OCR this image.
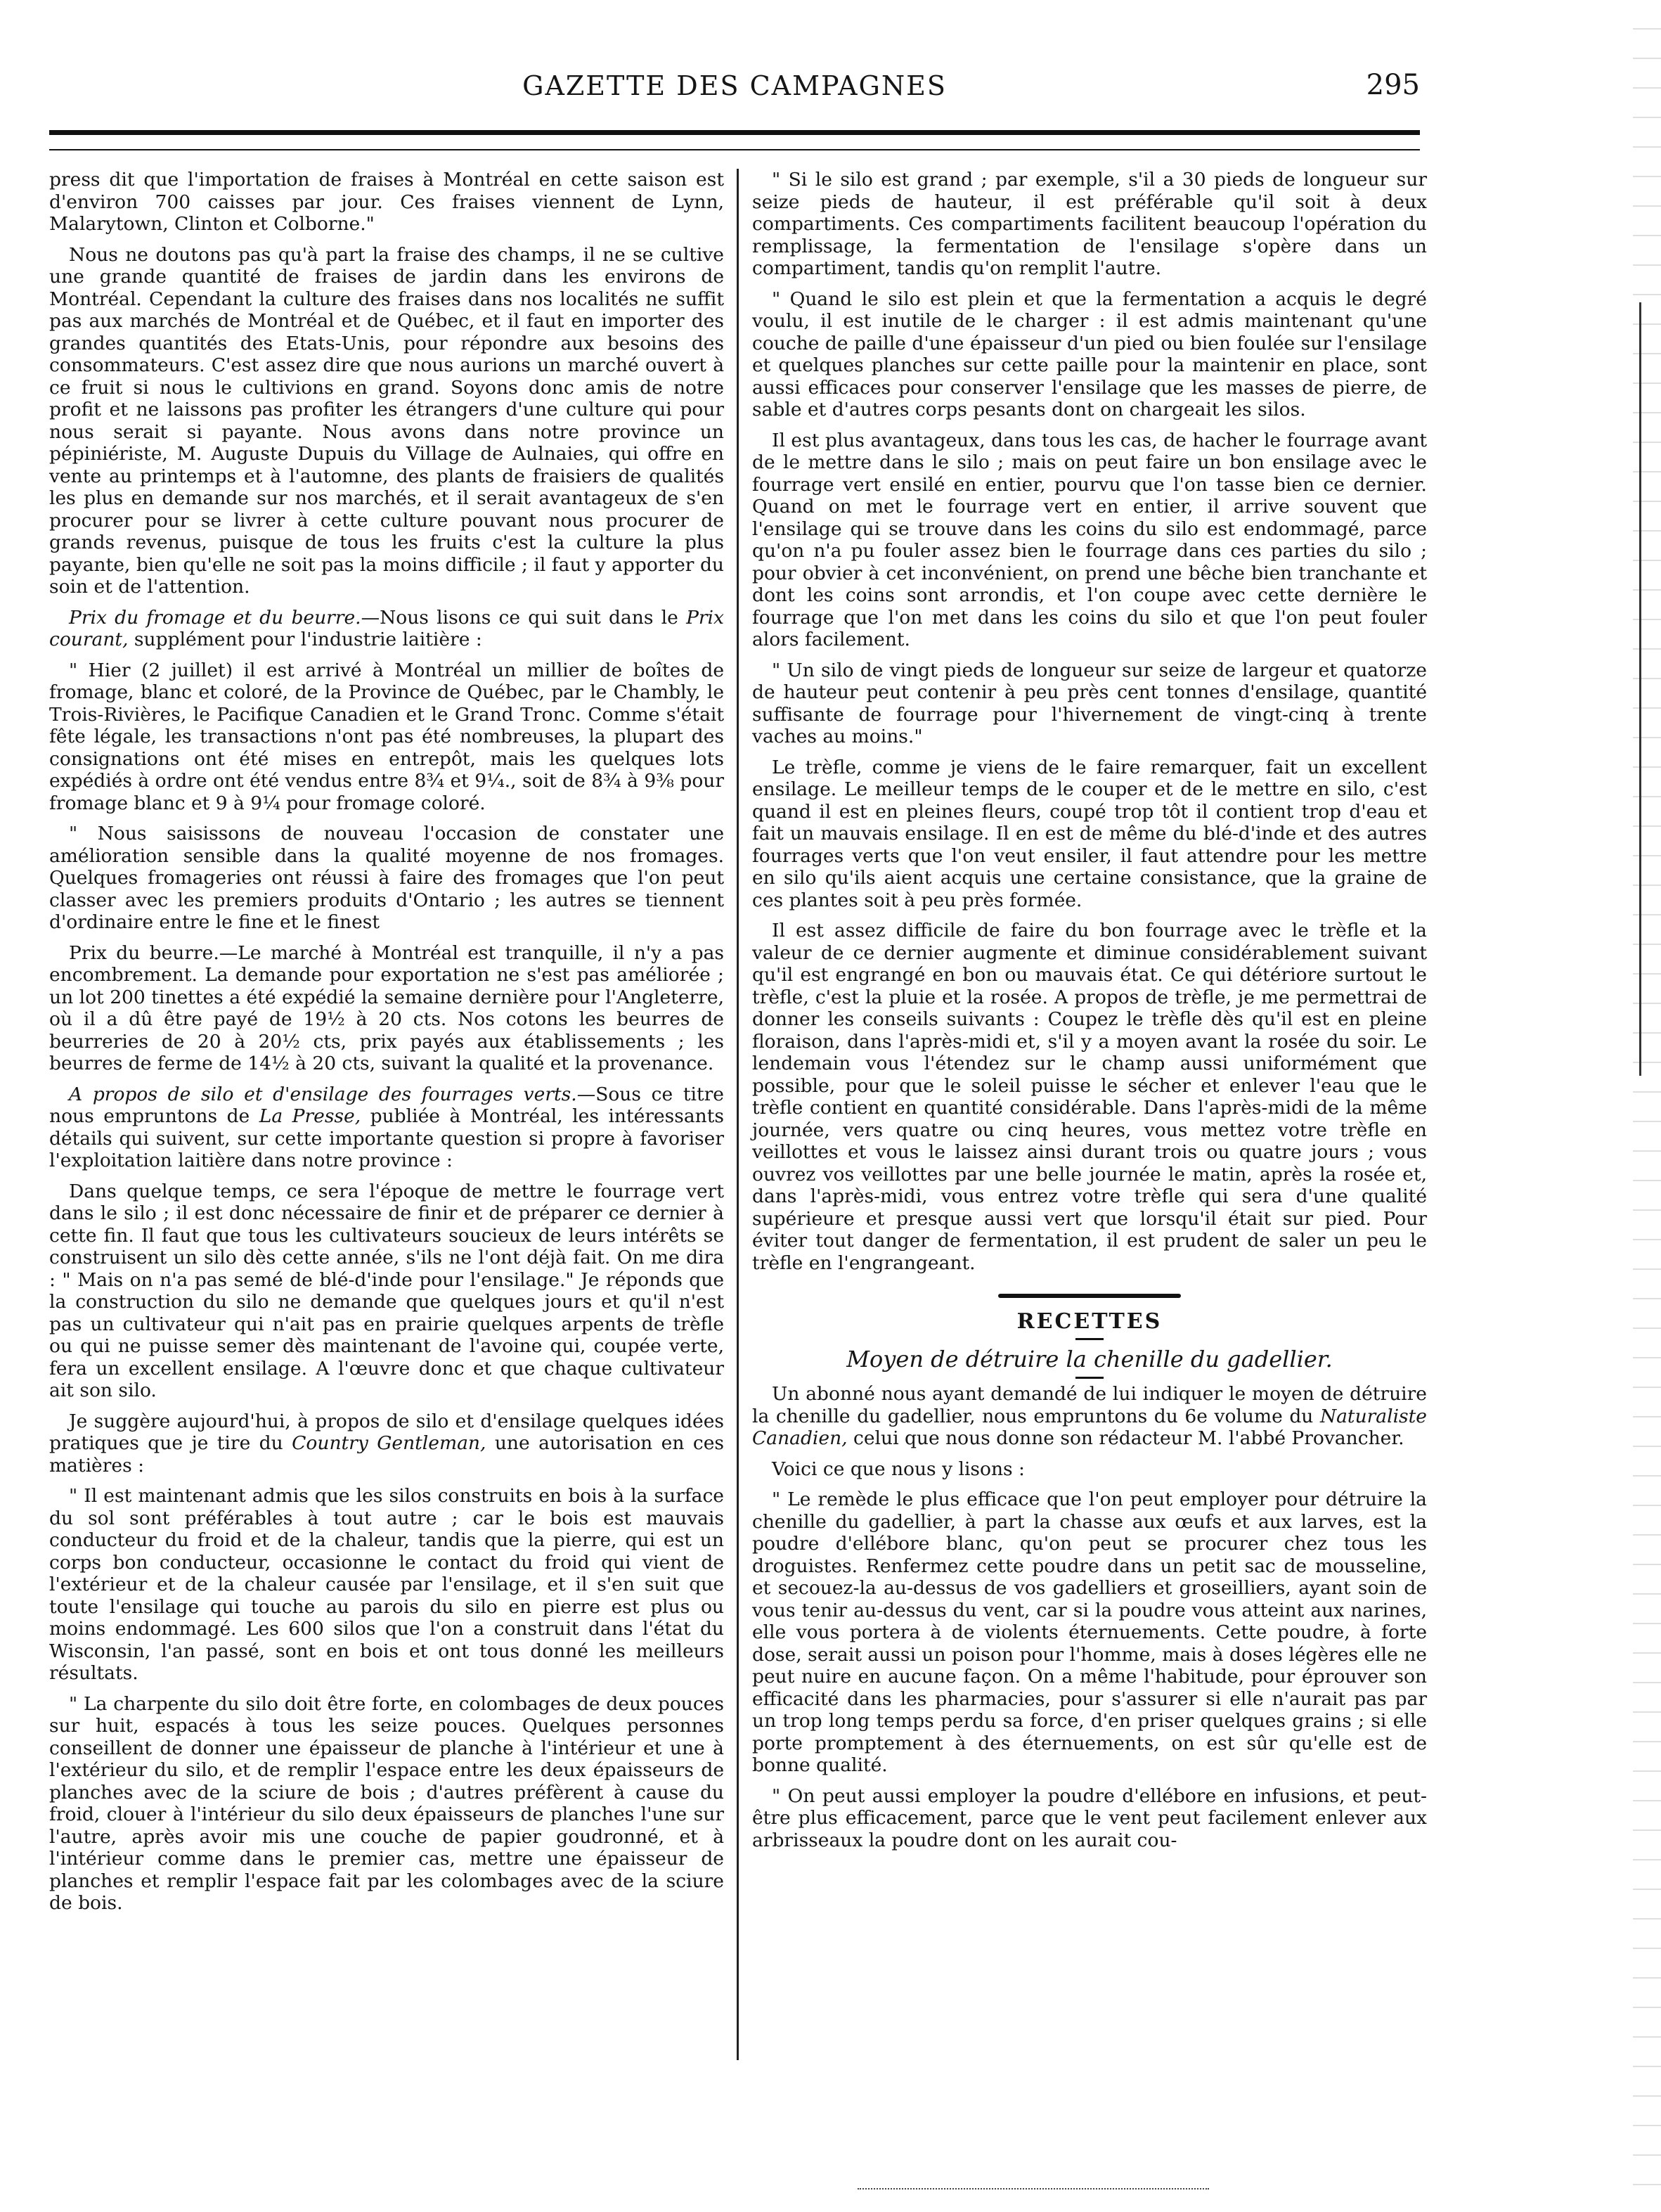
GAZETTE DES CAMPAGNES	295

press dit que l'importation de fraises à Montréal en cette saison est d'environ 700 caisses par jour. Ces fraises viennent de Lynn, Malarytown, Clinton et Colborne."

Nous ne doutons pas qu'à part la fraise des champs, il ne se cultive une grande quantité de fraises de jardin dans les environs de Montréal. Cependant la culture des fraises dans nos localités ne suffit pas aux marchés de Montréal et de Québec, et il faut en importer des grandes quantités des Etats-Unis, pour répondre aux besoins des consommateurs. C'est assez dire que nous aurions un marché ouvert à ce fruit si nous le cultivions en grand. Soyons donc amis de notre profit et ne laissons pas profiter les étrangers d'une culture qui pour nous serait si payante. Nous avons dans notre province un pépiniériste, M. Auguste Dupuis du Village de Aulnaies, qui offre en vente au printemps et à l'automne, des plants de fraisiers de qualités les plus en demande sur nos marchés, et il serait avantageux de s'en procurer pour se livrer à cette culture pouvant nous procurer de grands revenus, puisque de tous les fruits c'est la culture la plus payante, bien qu'elle ne soit pas la moins difficile ; il faut y apporter du soin et de l'attention.

Prix du fromage et du beurre.—Nous lisons ce qui suit dans le Prix courant, supplément pour l'industrie laitière :

" Hier (2 juillet) il est arrivé à Montréal un millier de boîtes de fromage, blanc et coloré, de la Province de Québec, par le Chambly, le Trois-Rivières, le Pacifique Canadien et le Grand Tronc. Comme s'était fête légale, les transactions n'ont pas été nombreuses, la plupart des consignations ont été mises en entrepôt, mais les quelques lots expédiés à ordre ont été vendus entre 8¾ et 9¼., soit de 8¾ à 9⅜ pour fromage blanc et 9 à 9¼ pour fromage coloré.

" Nous saisissons de nouveau l'occasion de constater une amélioration sensible dans la qualité moyenne de nos fromages. Quelques fromageries ont réussi à faire des fromages que l'on peut classer avec les premiers produits d'Ontario ; les autres se tiennent d'ordinaire entre le fine et le finest

Prix du beurre.—Le marché à Montréal est tranquille, il n'y a pas encombrement. La demande pour exportation ne s'est pas améliorée ; un lot 200 tinettes a été expédié la semaine dernière pour l'Angleterre, où il a dû être payé de 19½ à 20 cts. Nos cotons les beurres de beurreries de 20 à 20½ cts, prix payés aux établissements ; les beurres de ferme de 14½ à 20 cts, suivant la qualité et la provenance.

A propos de silo et d'ensilage des fourrages verts.—Sous ce titre nous empruntons de La Presse, publiée à Montréal, les intéressants détails qui suivent, sur cette importante question si propre à favoriser l'exploitation laitière dans notre province :

Dans quelque temps, ce sera l'époque de mettre le fourrage vert dans le silo ; il est donc nécessaire de finir et de préparer ce dernier à cette fin. Il faut que tous les cultivateurs soucieux de leurs intérêts se construisent un silo dès cette année, s'ils ne l'ont déjà fait. On me dira : " Mais on n'a pas semé de blé-d'inde pour l'ensilage." Je réponds que la construction du silo ne demande que quelques jours et qu'il n'est pas un cultivateur qui n'ait pas en prairie quelques arpents de trèfle ou qui ne puisse semer dès maintenant de l'avoine qui, coupée verte, fera un excellent ensilage. A l'œuvre donc et que chaque cultivateur ait son silo.

Je suggère aujourd'hui, à propos de silo et d'ensilage quelques idées pratiques que je tire du Country Gentleman, une autorisation en ces matières :

" Il est maintenant admis que les silos construits en bois à la surface du sol sont préférables à tout autre ; car le bois est mauvais conducteur du froid et de la chaleur, tandis que la pierre, qui est un corps bon conducteur, occasionne le contact du froid qui vient de l'extérieur et de la chaleur causée par l'ensilage, et il s'en suit que toute l'ensilage qui touche au parois du silo en pierre est plus ou moins endommagé. Les 600 silos que l'on a construit dans l'état du Wisconsin, l'an passé, sont en bois et ont tous donné les meilleurs résultats.

" La charpente du silo doit être forte, en colombages de deux pouces sur huit, espacés à tous les seize pouces. Quelques personnes conseillent de donner une épaisseur de planche à l'intérieur et une à l'extérieur du silo, et de remplir l'espace entre les deux épaisseurs de planches avec de la sciure de bois ; d'autres préfèrent à cause du froid, clouer à l'intérieur du silo deux épaisseurs de planches l'une sur l'autre, après avoir mis une couche de papier goudronné, et à l'intérieur comme dans le premier cas, mettre une épaisseur de planches et remplir l'espace fait par les colombages avec de la sciure de bois.

" Si le silo est grand ; par exemple, s'il a 30 pieds de longueur sur seize pieds de hauteur, il est préférable qu'il soit à deux compartiments. Ces compartiments facilitent beaucoup l'opération du remplissage, la fermentation de l'ensilage s'opère dans un compartiment, tandis qu'on remplit l'autre.

" Quand le silo est plein et que la fermentation a acquis le degré voulu, il est inutile de le charger : il est admis maintenant qu'une couche de paille d'une épaisseur d'un pied ou bien foulée sur l'ensilage et quelques planches sur cette paille pour la maintenir en place, sont aussi efficaces pour conserver l'ensilage que les masses de pierre, de sable et d'autres corps pesants dont on chargeait les silos.

Il est plus avantageux, dans tous les cas, de hacher le fourrage avant de le mettre dans le silo ; mais on peut faire un bon ensilage avec le fourrage vert ensilé en entier, pourvu que l'on tasse bien ce dernier. Quand on met le fourrage vert en entier, il arrive souvent que l'ensilage qui se trouve dans les coins du silo est endommagé, parce qu'on n'a pu fouler assez bien le fourrage dans ces parties du silo ; pour obvier à cet inconvénient, on prend une bêche bien tranchante et dont les coins sont arrondis, et l'on coupe avec cette dernière le fourrage que l'on met dans les coins du silo et que l'on peut fouler alors facilement.

" Un silo de vingt pieds de longueur sur seize de largeur et quatorze de hauteur peut contenir à peu près cent tonnes d'ensilage, quantité suffisante de fourrage pour l'hivernement de vingt-cinq à trente vaches au moins."

Le trèfle, comme je viens de le faire remarquer, fait un excellent ensilage. Le meilleur temps de le couper et de le mettre en silo, c'est quand il est en pleines fleurs, coupé trop tôt il contient trop d'eau et fait un mauvais ensilage. Il en est de même du blé-d'inde et des autres fourrages verts que l'on veut ensiler, il faut attendre pour les mettre en silo qu'ils aient acquis une certaine consistance, que la graine de ces plantes soit à peu près formée.

Il est assez difficile de faire du bon fourrage avec le trèfle et la valeur de ce dernier augmente et diminue considérablement suivant qu'il est engrangé en bon ou mauvais état. Ce qui détériore surtout le trèfle, c'est la pluie et la rosée. A propos de trèfle, je me permettrai de donner les conseils suivants : Coupez le trèfle dès qu'il est en pleine floraison, dans l'après-midi et, s'il y a moyen avant la rosée du soir. Le lendemain vous l'étendez sur le champ aussi uniformément que possible, pour que le soleil puisse le sécher et enlever l'eau que le trèfle contient en quantité considérable. Dans l'après-midi de la même journée, vers quatre ou cinq heures, vous mettez votre trèfle en veillottes et vous le laissez ainsi durant trois ou quatre jours ; vous ouvrez vos veillottes par une belle journée le matin, après la rosée et, dans l'après-midi, vous entrez votre trèfle qui sera d'une qualité supérieure et presque aussi vert que lorsqu'il était sur pied. Pour éviter tout danger de fermentation, il est prudent de saler un peu le trèfle en l'engrangeant.

RECETTES
Moyen de détruire la chenille du gadellier.

Un abonné nous ayant demandé de lui indiquer le moyen de détruire la chenille du gadellier, nous empruntons du 6e volume du Naturaliste Canadien, celui que nous donne son rédacteur M. l'abbé Provancher.

Voici ce que nous y lisons :

" Le remède le plus efficace que l'on peut employer pour détruire la chenille du gadellier, à part la chasse aux œufs et aux larves, est la poudre d'ellébore blanc, qu'on peut se procurer chez tous les droguistes. Renfermez cette poudre dans un petit sac de mousseline, et secouez-la au-dessus de vos gadelliers et groseilliers, ayant soin de vous tenir au-dessus du vent, car si la poudre vous atteint aux narines, elle vous portera à de violents éternuements. Cette poudre, à forte dose, serait aussi un poison pour l'homme, mais à doses légères elle ne peut nuire en aucune façon. On a même l'habitude, pour éprouver son efficacité dans les pharmacies, pour s'assurer si elle n'aurait pas par un trop long temps perdu sa force, d'en priser quelques grains ; si elle porte promptement à des éternuements, on est sûr qu'elle est de bonne qualité.

" On peut aussi employer la poudre d'ellébore en infusions, et peut-être plus efficacement, parce que le vent peut facilement enlever aux arbrisseaux la poudre dont on les aurait cou-
